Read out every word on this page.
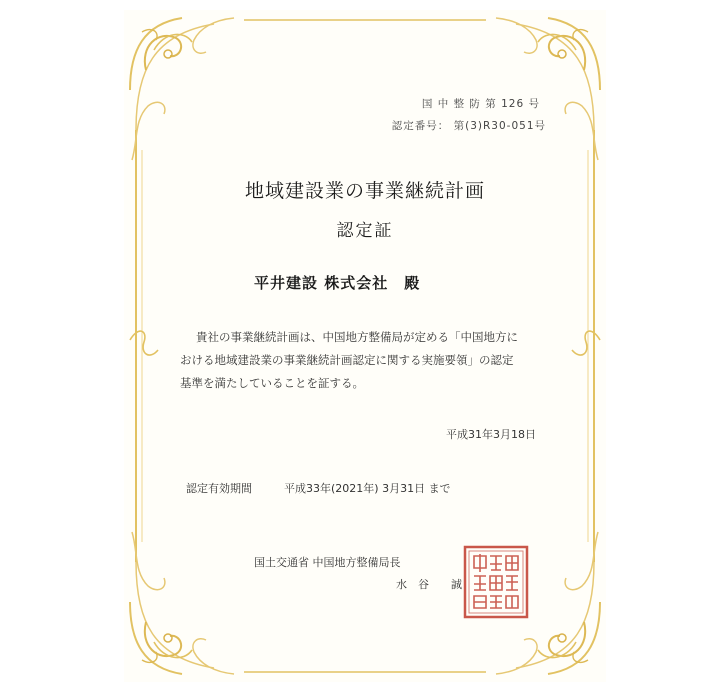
国 中 整 防 第 126 号
認定番号： 第(3)R30-051号
地域建設業の事業継続計画
認定証
平井建設 株式会社　殿
貴社の事業継続計画は、中国地方整備局が定める「中国地方に
おける地域建設業の事業継続計画認定に関する実施要領」の認定
基準を満たしていることを証する。
平成31年3月18日
認定有効期間	平成33年(2021年) 3月31日 まで
国土交通省 中国地方整備局長
水　谷　　誠
